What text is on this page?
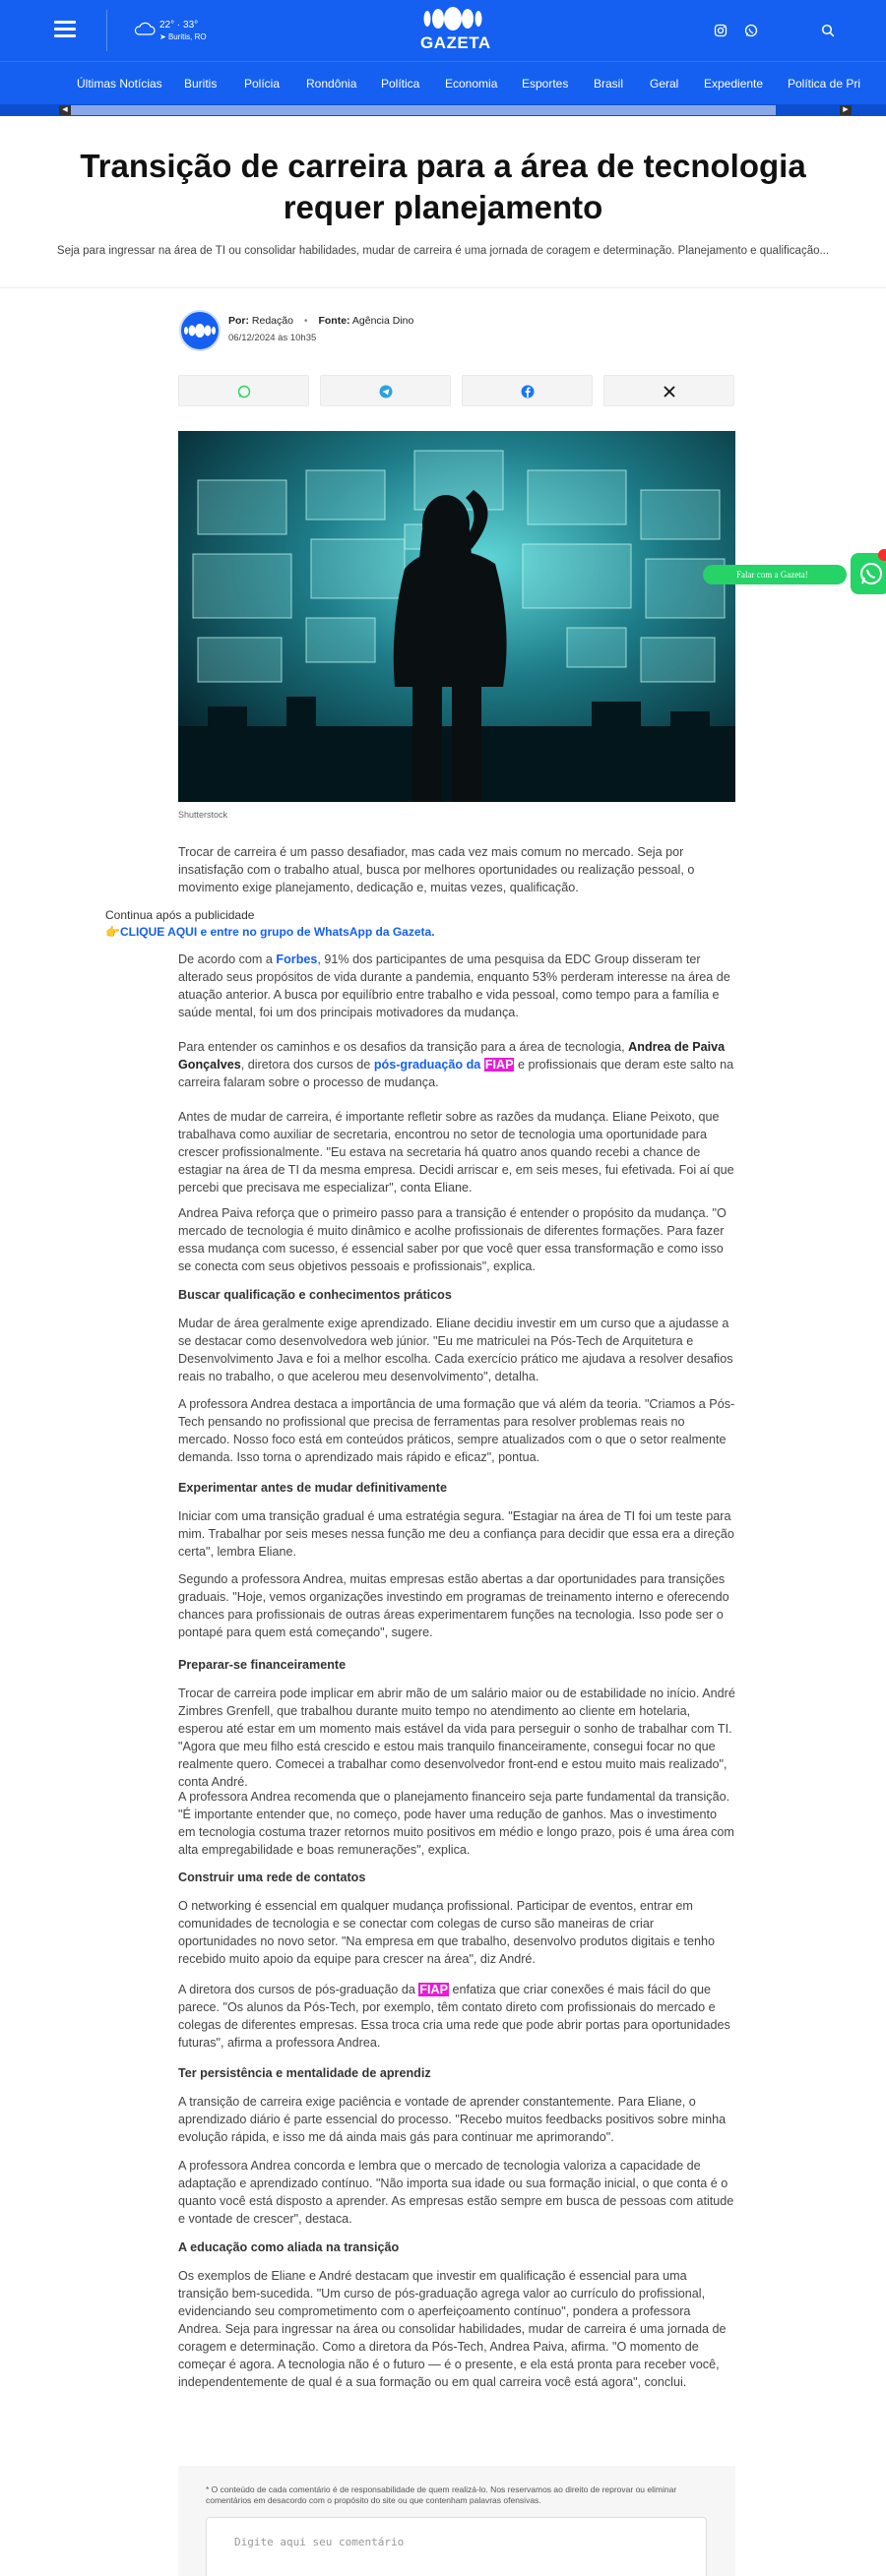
22° · 33°
➤ Buritis, RO	GAZETA
Últimas Notícias Buritis Polícia Rondônia Política Economia Esportes Brasil Geral Expediente Política de Pri
◀	▶
Transição de carreira para a área de tecnologia requer planejamento

Seja para ingressar na área de TI ou consolidar habilidades, mudar de carreira é uma jornada de coragem e determinação. Planejamento e qualificação...

Por: Redação • Fonte: Agência Dino
06/12/2024 às 10h35
Shutterstock
Falar com a Gazeta!

Trocar de carreira é um passo desafiador, mas cada vez mais comum no mercado. Seja por insatisfação com o trabalho atual, busca por melhores oportunidades ou realização pessoal, o movimento exige planejamento, dedicação e, muitas vezes, qualificação.

Continua após a publicidade
👉CLIQUE AQUI e entre no grupo de WhatsApp da Gazeta.

De acordo com a Forbes, 91% dos participantes de uma pesquisa da EDC Group disseram ter alterado seus propósitos de vida durante a pandemia, enquanto 53% perderam interesse na área de atuação anterior. A busca por equilíbrio entre trabalho e vida pessoal, como tempo para a família e saúde mental, foi um dos principais motivadores da mudança.

Para entender os caminhos e os desafios da transição para a área de tecnologia, Andrea de Paiva Gonçalves, diretora dos cursos de pós-graduação da FIAP e profissionais que deram este salto na carreira falaram sobre o processo de mudança.

Antes de mudar de carreira, é importante refletir sobre as razões da mudança. Eliane Peixoto, que trabalhava como auxiliar de secretaria, encontrou no setor de tecnologia uma oportunidade para crescer profissionalmente. "Eu estava na secretaria há quatro anos quando recebi a chance de estagiar na área de TI da mesma empresa. Decidi arriscar e, em seis meses, fui efetivada. Foi aí que percebi que precisava me especializar", conta Eliane.

Andrea Paiva reforça que o primeiro passo para a transição é entender o propósito da mudança. "O mercado de tecnologia é muito dinâmico e acolhe profissionais de diferentes formações. Para fazer essa mudança com sucesso, é essencial saber por que você quer essa transformação e como isso se conecta com seus objetivos pessoais e profissionais", explica.

Buscar qualificação e conhecimentos práticos

Mudar de área geralmente exige aprendizado. Eliane decidiu investir em um curso que a ajudasse a se destacar como desenvolvedora web júnior. "Eu me matriculei na Pós-Tech de Arquitetura e Desenvolvimento Java e foi a melhor escolha. Cada exercício prático me ajudava a resolver desafios reais no trabalho, o que acelerou meu desenvolvimento", detalha.

A professora Andrea destaca a importância de uma formação que vá além da teoria. "Criamos a Pós-Tech pensando no profissional que precisa de ferramentas para resolver problemas reais no mercado. Nosso foco está em conteúdos práticos, sempre atualizados com o que o setor realmente demanda. Isso torna o aprendizado mais rápido e eficaz", pontua.

Experimentar antes de mudar definitivamente

Iniciar com uma transição gradual é uma estratégia segura. "Estagiar na área de TI foi um teste para mim. Trabalhar por seis meses nessa função me deu a confiança para decidir que essa era a direção certa", lembra Eliane.

Segundo a professora Andrea, muitas empresas estão abertas a dar oportunidades para transições graduais. "Hoje, vemos organizações investindo em programas de treinamento interno e oferecendo chances para profissionais de outras áreas experimentarem funções na tecnologia. Isso pode ser o pontapé para quem está começando", sugere.

Preparar-se financeiramente

Trocar de carreira pode implicar em abrir mão de um salário maior ou de estabilidade no início. André Zimbres Grenfell, que trabalhou durante muito tempo no atendimento ao cliente em hotelaria, esperou até estar em um momento mais estável da vida para perseguir o sonho de trabalhar com TI. "Agora que meu filho está crescido e estou mais tranquilo financeiramente, consegui focar no que realmente quero. Comecei a trabalhar como desenvolvedor front-end e estou muito mais realizado", conta André.

A professora Andrea recomenda que o planejamento financeiro seja parte fundamental da transição. "É importante entender que, no começo, pode haver uma redução de ganhos. Mas o investimento em tecnologia costuma trazer retornos muito positivos em médio e longo prazo, pois é uma área com alta empregabilidade e boas remunerações", explica.

Construir uma rede de contatos

O networking é essencial em qualquer mudança profissional. Participar de eventos, entrar em comunidades de tecnologia e se conectar com colegas de curso são maneiras de criar oportunidades no novo setor. "Na empresa em que trabalho, desenvolvo produtos digitais e tenho recebido muito apoio da equipe para crescer na área", diz André.

A diretora dos cursos de pós-graduação da FIAP enfatiza que criar conexões é mais fácil do que parece. "Os alunos da Pós-Tech, por exemplo, têm contato direto com profissionais do mercado e colegas de diferentes empresas. Essa troca cria uma rede que pode abrir portas para oportunidades futuras", afirma a professora Andrea.

Ter persistência e mentalidade de aprendiz

A transição de carreira exige paciência e vontade de aprender constantemente. Para Eliane, o aprendizado diário é parte essencial do processo. "Recebo muitos feedbacks positivos sobre minha evolução rápida, e isso me dá ainda mais gás para continuar me aprimorando".

A professora Andrea concorda e lembra que o mercado de tecnologia valoriza a capacidade de adaptação e aprendizado contínuo. "Não importa sua idade ou sua formação inicial, o que conta é o quanto você está disposto a aprender. As empresas estão sempre em busca de pessoas com atitude e vontade de crescer", destaca.

A educação como aliada na transição

Os exemplos de Eliane e André destacam que investir em qualificação é essencial para uma transição bem-sucedida. "Um curso de pós-graduação agrega valor ao currículo do profissional, evidenciando seu comprometimento com o aperfeiçoamento contínuo", pondera a professora Andrea. Seja para ingressar na área ou consolidar habilidades, mudar de carreira é uma jornada de coragem e determinação. Como a diretora da Pós-Tech, Andrea Paiva, afirma. "O momento de começar é agora. A tecnologia não é o futuro — é o presente, e ela está pronta para receber você, independentemente de qual é a sua formação ou em qual carreira você está agora", conclui.

* O conteúdo de cada comentário é de responsabilidade de quem realizá-lo. Nos reservamos ao direito de reprovar ou eliminar comentários em desacordo com o propósito do site ou que contenham palavras ofensivas.
Digite aqui seu comentário
